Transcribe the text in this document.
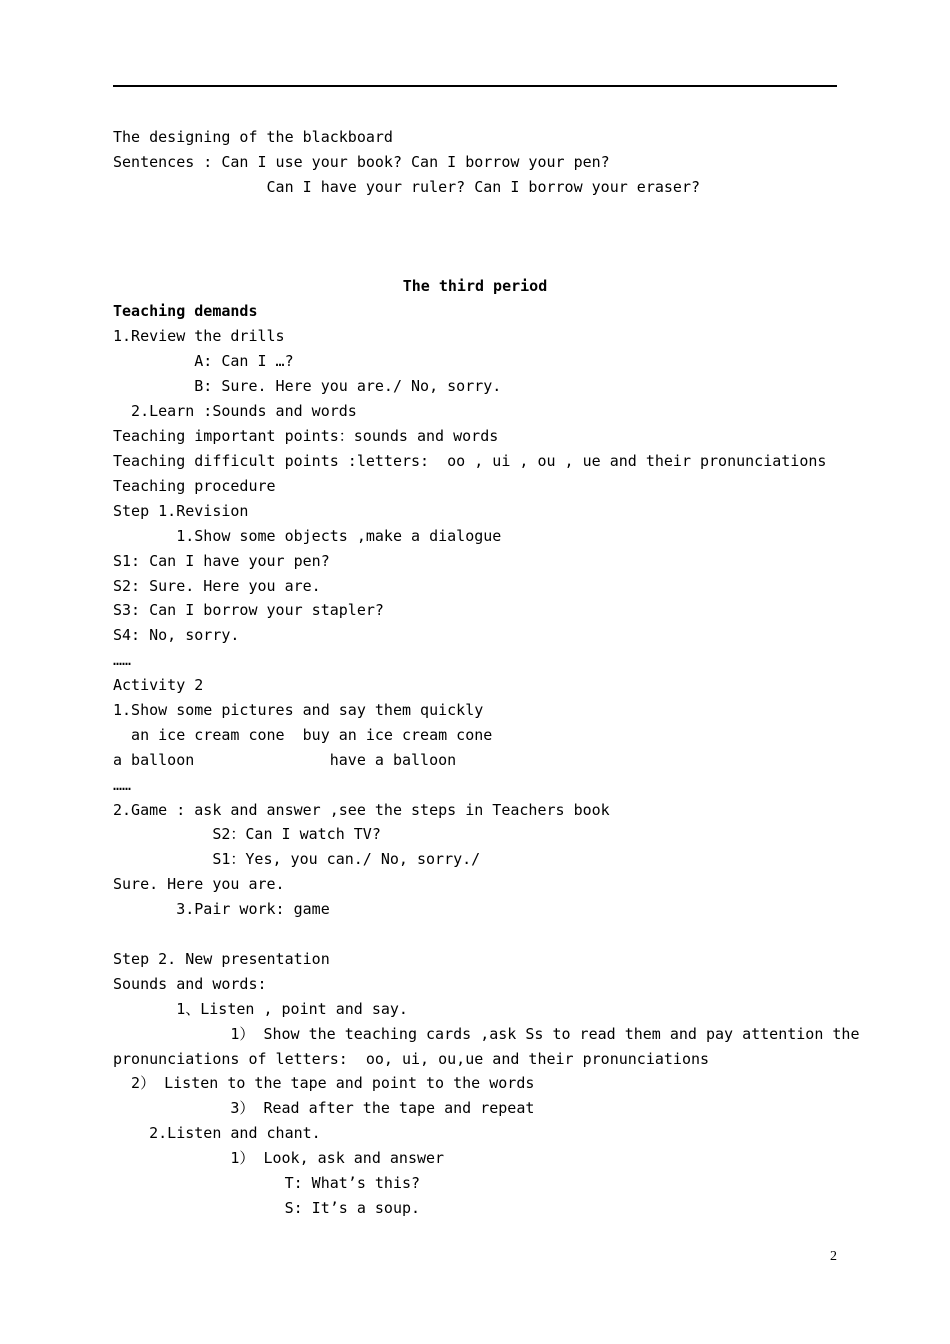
The designing of the blackboard
Sentences : Can I use your book? Can I borrow your pen?
Can I have your ruler? Can I borrow your eraser?
The third period
Teaching demands
1.Review the drills
A: Can I …?
B: Sure. Here you are./ No, sorry.
2.Learn :Sounds and words
Teaching important points：sounds and words
Teaching difficult points :letters:  oo , ui , ou , ue and their pronunciations
Teaching procedure
Step 1.Revision
1.Show some objects ,make a dialogue
S1: Can I have your pen?
S2: Sure. Here you are.
S3: Can I borrow your stapler?
S4: No, sorry.
……
Activity 2
1.Show some pictures and say them quickly
an ice cream cone  buy an ice cream cone
a balloon               have a balloon
……
2.Game : ask and answer ,see the steps in Teachers book
S2：Can I watch TV?
S1：Yes, you can./ No, sorry./
Sure. Here you are.
3.Pair work: game
Step 2. New presentation
Sounds and words:
1、Listen , point and say.
1） Show the teaching cards ,ask Ss to read them and pay attention the
pronunciations of letters:  oo, ui, ou,ue and their pronunciations
2） Listen to the tape and point to the words
3） Read after the tape and repeat
2.Listen and chant.
1） Look, ask and answer
T: What’s this?
S: It’s a soup.
2
